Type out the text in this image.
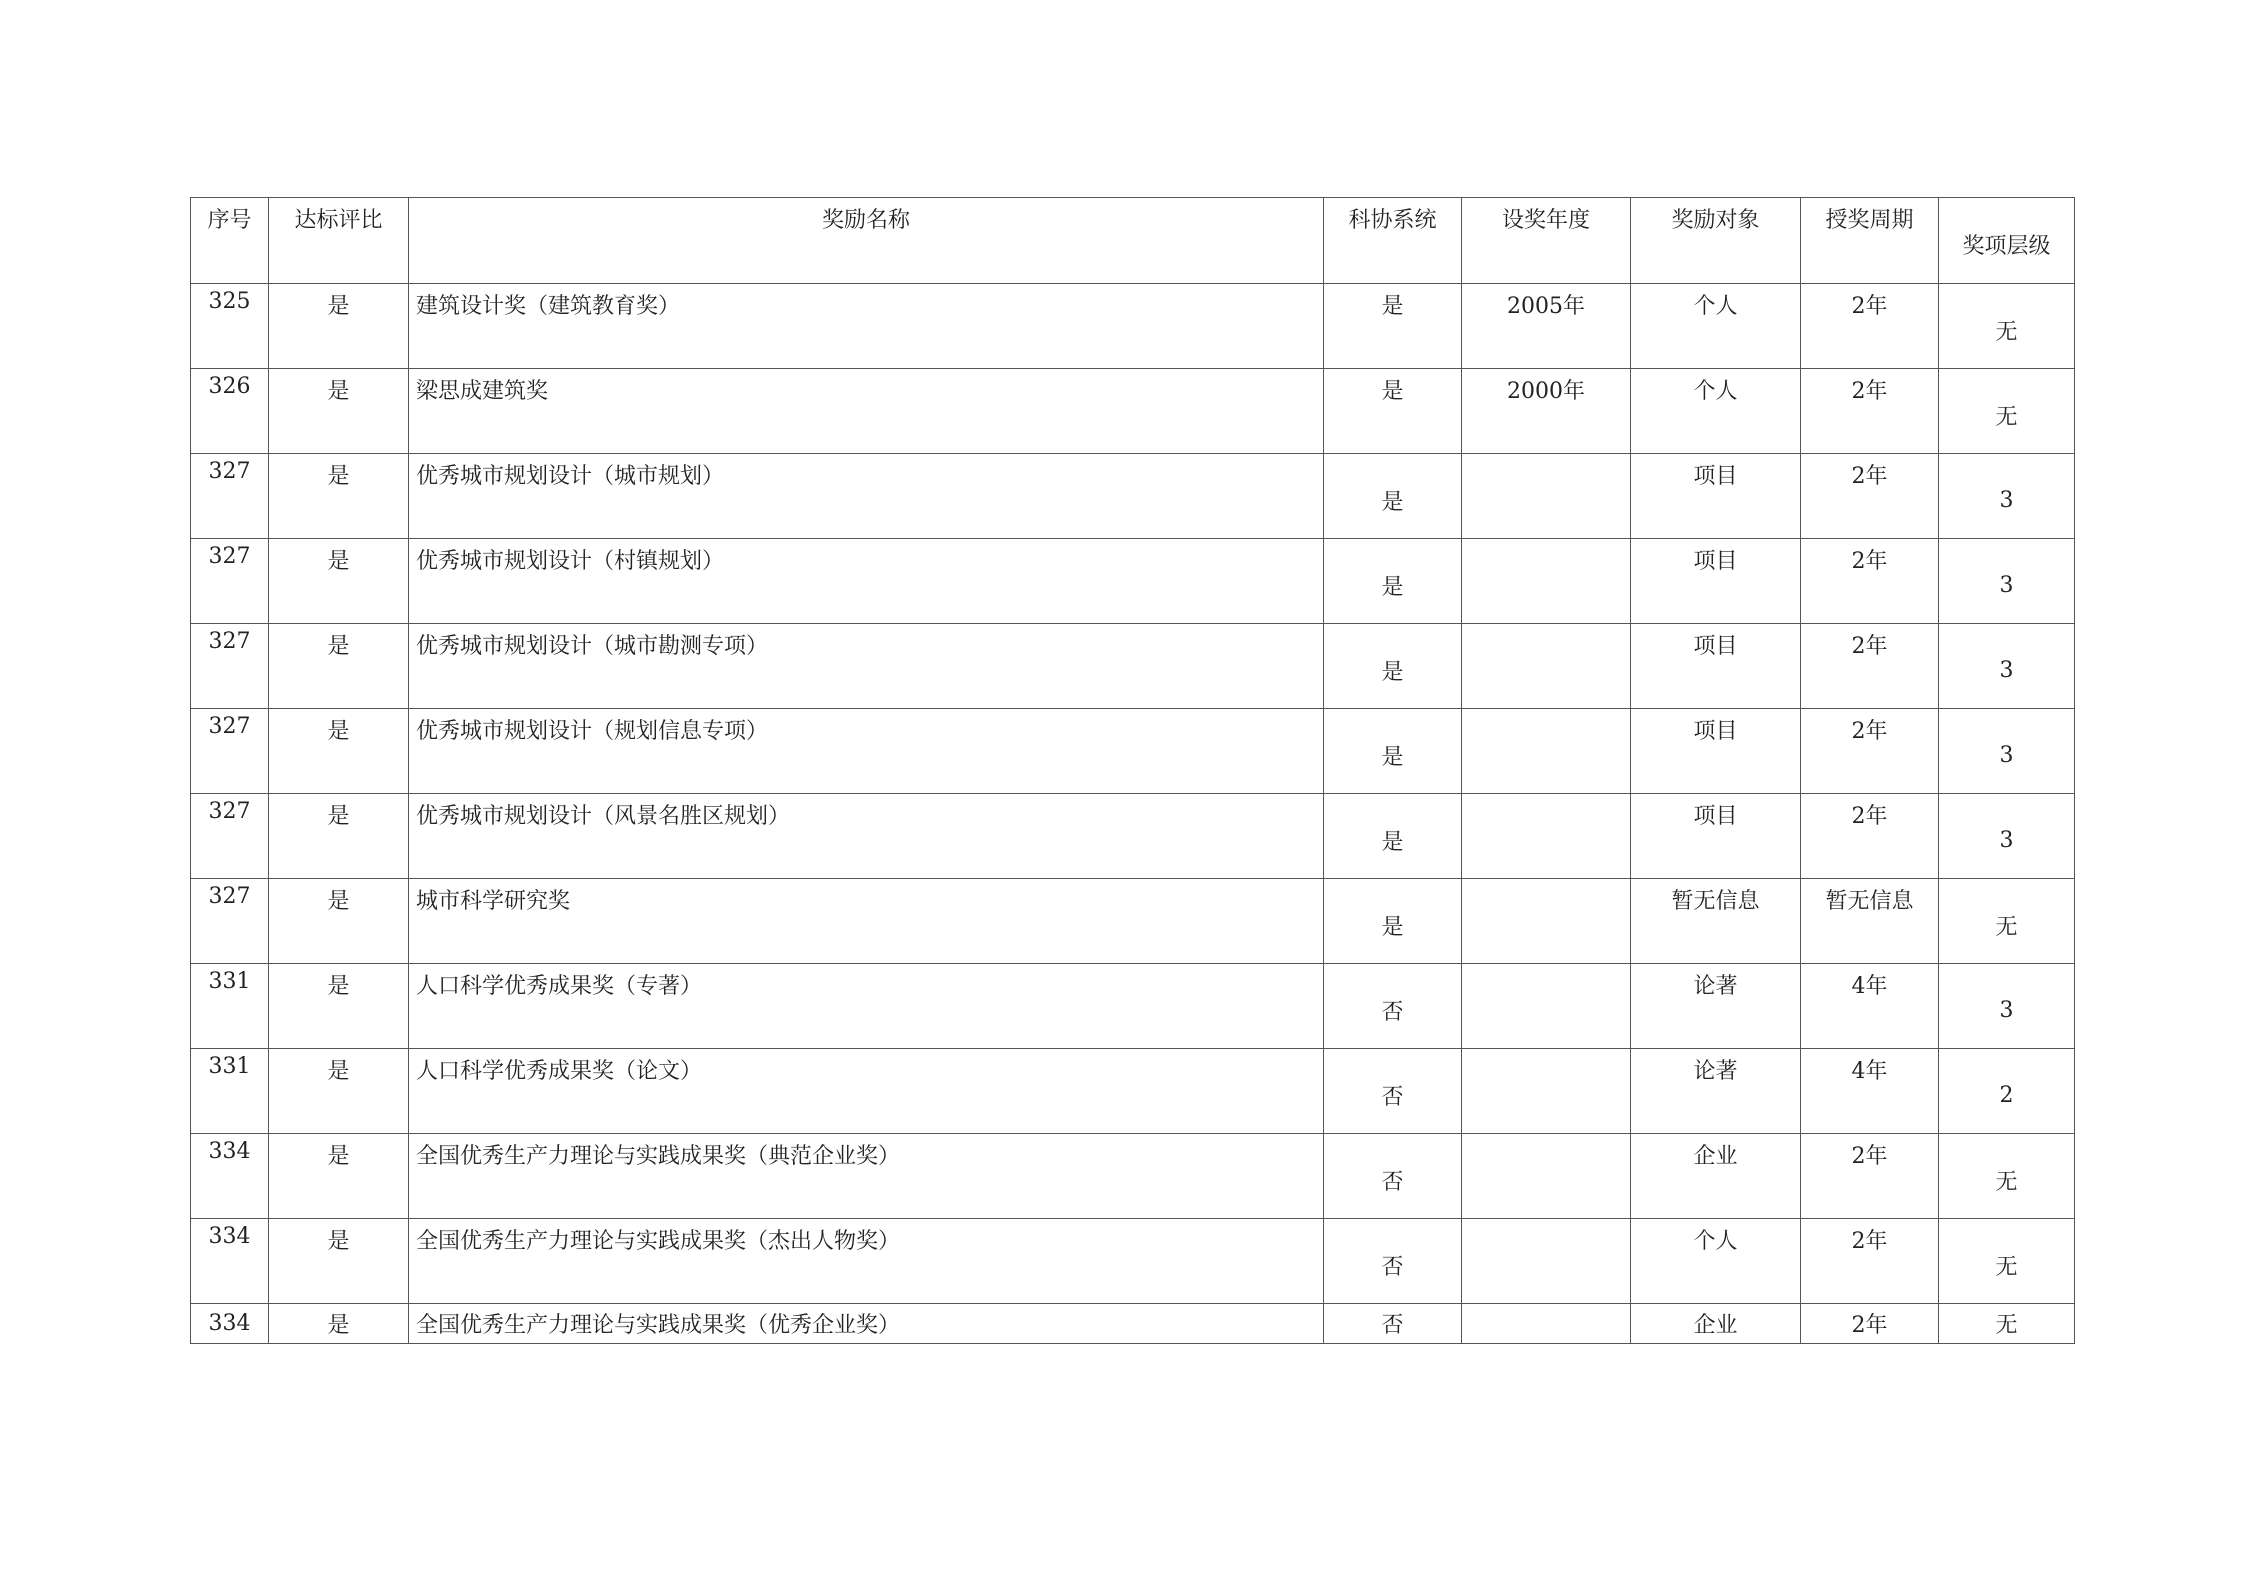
序号	达标评比	奖励名称	科协系统	设奖年度	奖励对象	授奖周期	奖项层级

325	是	建筑设计奖（建筑教育奖）	是	2005年	个人	2年	无

326	是	梁思成建筑奖	是	2000年	个人	2年	无

327	是	优秀城市规划设计（城市规划）	是		项目	2年	3

327	是	优秀城市规划设计（村镇规划）	是		项目	2年	3

327	是	优秀城市规划设计（城市勘测专项）	是		项目	2年	3

327	是	优秀城市规划设计（规划信息专项）	是		项目	2年	3

327	是	优秀城市规划设计（风景名胜区规划）	是		项目	2年	3

327	是	城市科学研究奖	是		暂无信息	暂无信息	无

331	是	人口科学优秀成果奖（专著）	否		论著	4年	3

331	是	人口科学优秀成果奖（论文）	否		论著	4年	2

334	是	全国优秀生产力理论与实践成果奖（典范企业奖）	否		企业	2年	无

334	是	全国优秀生产力理论与实践成果奖（杰出人物奖）	否		个人	2年	无

334	是	全国优秀生产力理论与实践成果奖（优秀企业奖）	否		企业	2年	无
